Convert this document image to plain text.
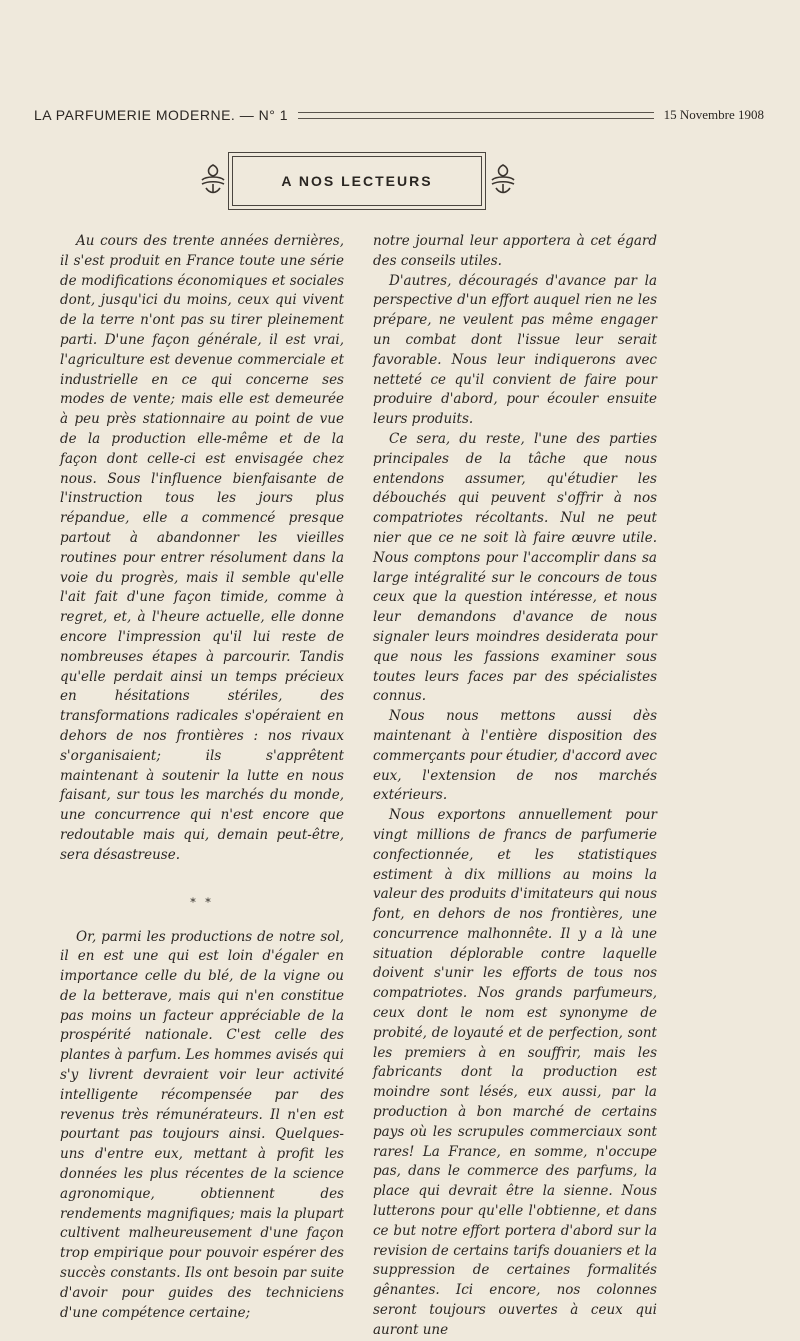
LA PARFUMERIE MODERNE. — N° 1	15 Novembre 1908
A NOS LECTEURS

Au cours des trente années dernières, il s'est produit en France toute une série de modifications économiques et sociales dont, jusqu'ici du moins, ceux qui vivent de la terre n'ont pas su tirer pleinement parti. D'une façon générale, il est vrai, l'agriculture est devenue commerciale et industrielle en ce qui concerne ses modes de vente; mais elle est demeurée à peu près stationnaire au point de vue de la production elle-même et de la façon dont celle-ci est envisagée chez nous. Sous l'influence bienfaisante de l'instruction tous les jours plus répandue, elle a commencé presque partout à abandonner les vieilles routines pour entrer résolument dans la voie du progrès, mais il semble qu'elle l'ait fait d'une façon timide, comme à regret, et, à l'heure actuelle, elle donne encore l'impression qu'il lui reste de nombreuses étapes à parcourir. Tandis qu'elle perdait ainsi un temps précieux en hésitations stériles, des transformations radicales s'opéraient en dehors de nos frontières : nos rivaux s'organisaient; ils s'apprêtent maintenant à soutenir la lutte en nous faisant, sur tous les marchés du monde, une concurrence qui n'est encore que redoutable mais qui, demain peut-être, sera désastreuse.

* *

Or, parmi les productions de notre sol, il en est une qui est loin d'égaler en importance celle du blé, de la vigne ou de la betterave, mais qui n'en constitue pas moins un facteur appréciable de la prospérité nationale. C'est celle des plantes à parfum. Les hommes avisés qui s'y livrent devraient voir leur activité intelligente récompensée par des revenus très rémunérateurs. Il n'en est pourtant pas toujours ainsi. Quelques-uns d'entre eux, mettant à profit les données les plus récentes de la science agronomique, obtiennent des rendements magnifiques; mais la plupart cultivent malheureusement d'une façon trop empirique pour pouvoir espérer des succès constants. Ils ont besoin par suite d'avoir pour guides des techniciens d'une compétence certaine;

notre journal leur apportera à cet égard des conseils utiles.

D'autres, découragés d'avance par la perspective d'un effort auquel rien ne les prépare, ne veulent pas même engager un combat dont l'issue leur serait favorable. Nous leur indiquerons avec netteté ce qu'il convient de faire pour produire d'abord, pour écouler ensuite leurs produits.

Ce sera, du reste, l'une des parties principales de la tâche que nous entendons assumer, qu'étudier les débouchés qui peuvent s'offrir à nos compatriotes récoltants. Nul ne peut nier que ce ne soit là faire œuvre utile. Nous comptons pour l'accomplir dans sa large intégralité sur le concours de tous ceux que la question intéresse, et nous leur demandons d'avance de nous signaler leurs moindres desiderata pour que nous les fassions examiner sous toutes leurs faces par des spécialistes connus.

Nous nous mettons aussi dès maintenant à l'entière disposition des commerçants pour étudier, d'accord avec eux, l'extension de nos marchés extérieurs.

Nous exportons annuellement pour vingt millions de francs de parfumerie confectionnée, et les statistiques estiment à dix millions au moins la valeur des produits d'imitateurs qui nous font, en dehors de nos frontières, une concurrence malhonnête. Il y a là une situation déplorable contre laquelle doivent s'unir les efforts de tous nos compatriotes. Nos grands parfumeurs, ceux dont le nom est synonyme de probité, de loyauté et de perfection, sont les premiers à en souffrir, mais les fabricants dont la production est moindre sont lésés, eux aussi, par la production à bon marché de certains pays où les scrupules commerciaux sont rares! La France, en somme, n'occupe pas, dans le commerce des parfums, la place qui devrait être la sienne. Nous lutterons pour qu'elle l'obtienne, et dans ce but notre effort portera d'abord sur la revision de certains tarifs douaniers et la suppression de certaines formalités gênantes. Ici encore, nos colonnes seront toujours ouvertes à ceux qui auront une
